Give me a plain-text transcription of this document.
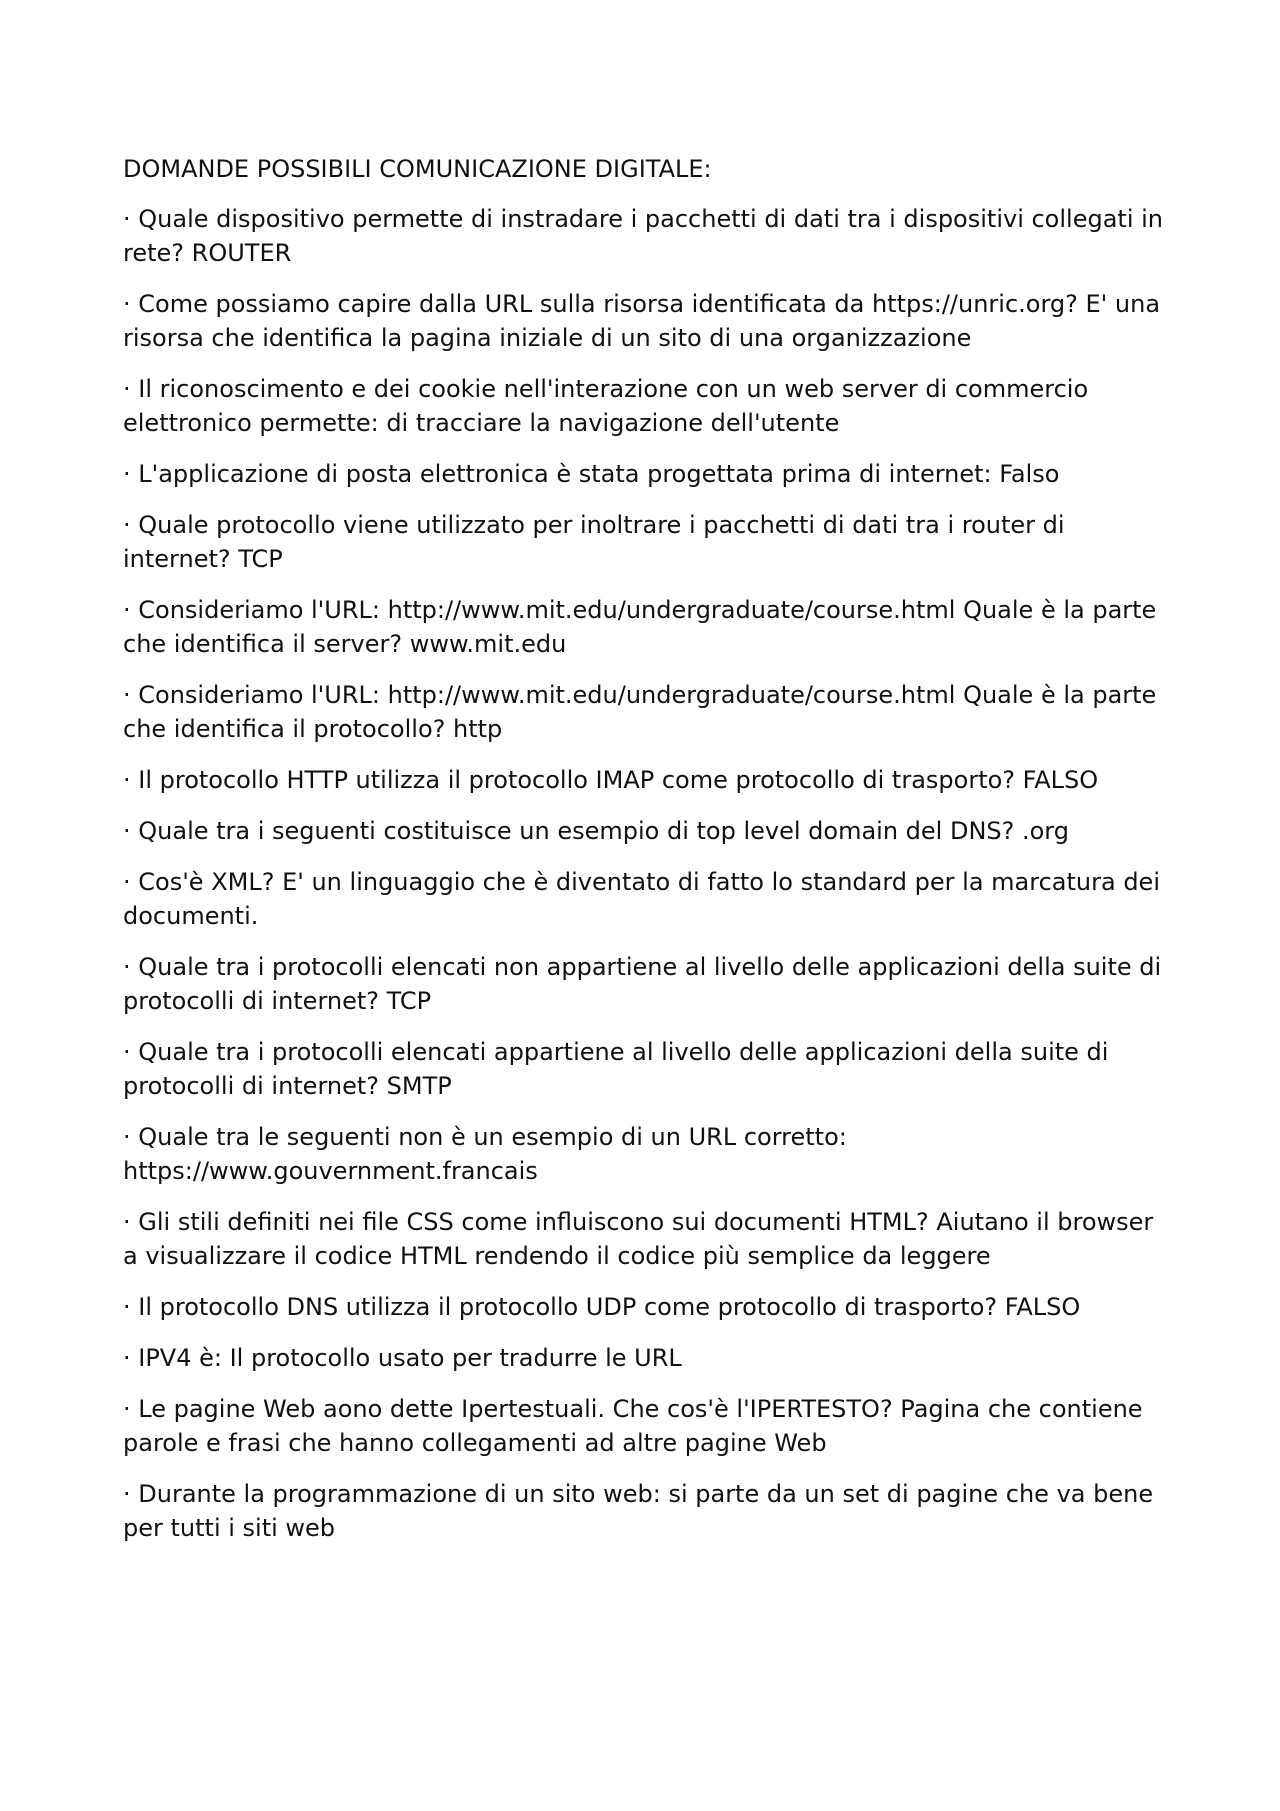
DOMANDE POSSIBILI COMUNICAZIONE DIGITALE:
· Quale dispositivo permette di instradare i pacchetti di dati tra i dispositivi collegati in rete? ROUTER
· Come possiamo capire dalla URL sulla risorsa identificata da https://unric.org? E' una risorsa che identifica la pagina iniziale di un sito di una organizzazione
· Il riconoscimento e dei cookie nell'interazione con un web server di commercio elettronico permette: di tracciare la navigazione dell'utente
· L'applicazione di posta elettronica è stata progettata prima di internet: Falso
· Quale protocollo viene utilizzato per inoltrare i pacchetti di dati tra i router di internet? TCP
· Consideriamo l'URL: http://www.mit.edu/undergraduate/course.html Quale è la parte che identifica il server? www.mit.edu
· Consideriamo l'URL: http://www.mit.edu/undergraduate/course.html Quale è la parte che identifica il protocollo? http
· Il protocollo HTTP utilizza il protocollo IMAP come protocollo di trasporto? FALSO
· Quale tra i seguenti costituisce un esempio di top level domain del DNS? .org
· Cos'è XML? E' un linguaggio che è diventato di fatto lo standard per la marcatura dei documenti.
· Quale tra i protocolli elencati non appartiene al livello delle applicazioni della suite di protocolli di internet? TCP
· Quale tra i protocolli elencati appartiene al livello delle applicazioni della suite di protocolli di internet? SMTP
· Quale tra le seguenti non è un esempio di un URL corretto: https://www.gouvernment.francais
· Gli stili definiti nei file CSS come influiscono sui documenti HTML? Aiutano il browser a visualizzare il codice HTML rendendo il codice più semplice da leggere
· Il protocollo DNS utilizza il protocollo UDP come protocollo di trasporto? FALSO
· IPV4 è: Il protocollo usato per tradurre le URL
· Le pagine Web aono dette Ipertestuali. Che cos'è l'IPERTESTO? Pagina che contiene parole e frasi che hanno collegamenti ad altre pagine Web
· Durante la programmazione di un sito web: si parte da un set di pagine che va bene per tutti i siti web
